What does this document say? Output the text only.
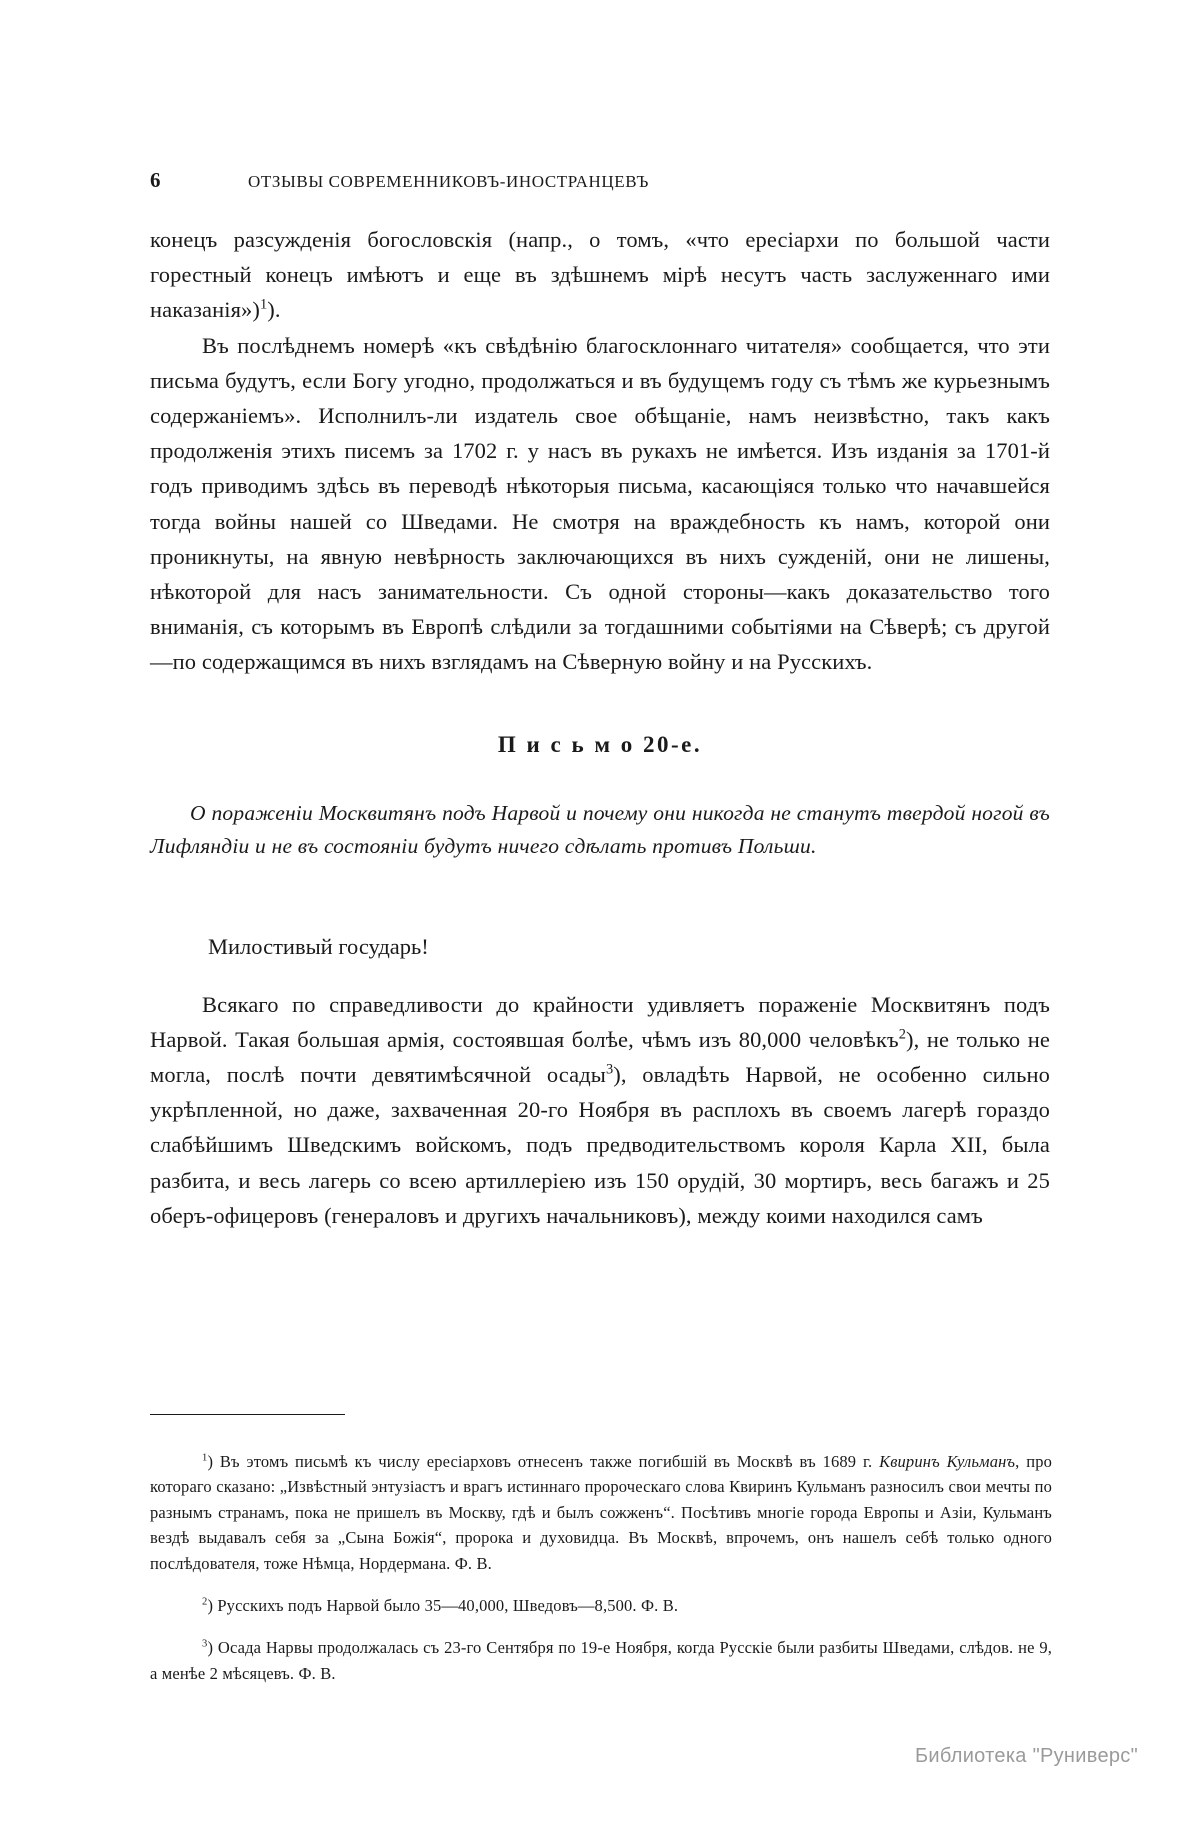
6	ОТЗЫВЫ СОВРЕМЕННИКОВЪ-ИНОСТРАНЦЕВЪ

конецъ разсужденія богословскія (напр., о томъ, «что ересіархи по большой части горестный конецъ имѣютъ и еще въ здѣшнемъ мірѣ несутъ часть заслуженнаго ими наказанія»)$^1$).

Въ послѣднемъ номерѣ «къ свѣдѣнію благосклоннаго читателя» сообщается, что эти письма будутъ, если Богу угодно, продолжаться и въ будущемъ году съ тѣмъ же курьезнымъ содержаніемъ». Исполнилъ-ли издатель свое обѣщаніе, намъ неизвѣстно, такъ какъ продолженія этихъ писемъ за 1702 г. у насъ въ рукахъ не имѣется. Изъ изданія за 1701-й годъ приводимъ здѣсь въ переводѣ нѣкоторыя письма, касающіяся только что начавшейся тогда войны нашей со Шведами. Не смотря на враждебность къ намъ, которой они проникнуты, на явную невѣрность заключающихся въ нихъ сужденій, они не лишены, нѣкоторой для насъ занимательности. Съ одной стороны—какъ доказательство того вниманія, съ которымъ въ Европѣ слѣдили за тогдашними событіями на Сѣверѣ; съ другой—по содержащимся въ нихъ взглядамъ на Сѣверную войну и на Русскихъ.

П и с ь м о 20-е.

О пораженіи Москвитянъ подъ Нарвой и почему они никогда не станутъ твердой ногой въ Лифляндіи и не въ состояніи будутъ ничего сдѣлать противъ Польши.

Милостивый государь!

Всякаго по справедливости до крайности удивляетъ пораженіе Москвитянъ подъ Нарвой. Такая большая армія, состоявшая болѣе, чѣмъ изъ 80,000 человѣкъ$^2$), не только не могла, послѣ почти девятимѣсячной осады$^3$), овладѣть Нарвой, не особенно сильно укрѣпленной, но даже, захваченная 20-го Ноября въ расплохъ въ своемъ лагерѣ гораздо слабѣйшимъ Шведскимъ войскомъ, подъ предводительствомъ короля Карла XII, была разбита, и весь лагерь со всею артиллеріею изъ 150 орудій, 30 мортиръ, весь багажъ и 25 оберъ-офицеровъ (генераловъ и другихъ начальниковъ), между коими находился самъ

$^1$) Въ этомъ письмѣ къ числу ересіарховъ отнесенъ также погибшій въ Москвѣ въ 1689 г. Квиринъ Кульманъ, про котораго сказано: „Извѣстный энтузіастъ и врагъ истиннаго пророческаго слова Квиринъ Кульманъ разносилъ свои мечты по разнымъ странамъ, пока не пришелъ въ Москву, гдѣ и былъ сожженъ“. Посѣтивъ многіе города Европы и Азіи, Кульманъ вездѣ выдавалъ себя за „Сына Божія“, пророка и духовидца. Въ Москвѣ, впрочемъ, онъ нашелъ себѣ только одного послѣдователя, тоже Нѣмца, Нордермана. Ф. В.

$^2$) Русскихъ подъ Нарвой было 35—40,000, Шведовъ—8,500. Ф. В.

$^3$) Осада Нарвы продолжалась съ 23-го Сентября по 19-е Ноября, когда Русскіе были разбиты Шведами, слѣдов. не 9, а менѣе 2 мѣсяцевъ. Ф. В.

Библиотека "Руниверс"
